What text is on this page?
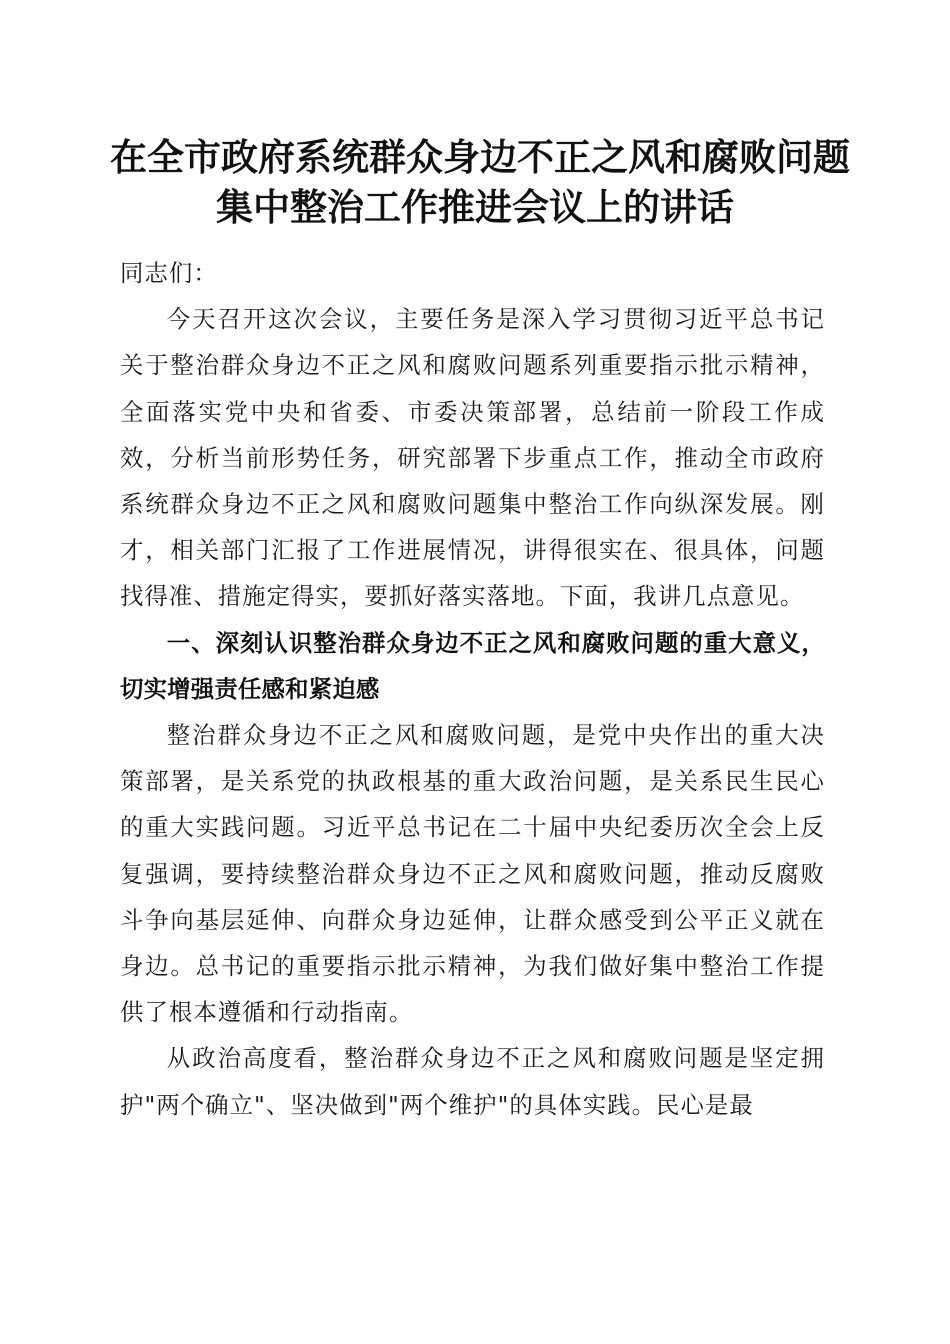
在全市政府系统群众身边不正之风和腐败问题
集中整治工作推进会议上的讲话

同志们：

今天召开这次会议，主要任务是深入学习贯彻习近平总书记关于整治群众身边不正之风和腐败问题系列重要指示批示精神，全面落实党中央和省委、市委决策部署，总结前一阶段工作成效，分析当前形势任务，研究部署下步重点工作，推动全市政府系统群众身边不正之风和腐败问题集中整治工作向纵深发展。刚才，相关部门汇报了工作进展情况，讲得很实在、很具体，问题找得准、措施定得实，要抓好落实落地。下面，我讲几点意见。

一、深刻认识整治群众身边不正之风和腐败问题的重大意义，切实增强责任感和紧迫感

整治群众身边不正之风和腐败问题，是党中央作出的重大决策部署，是关系党的执政根基的重大政治问题，是关系民生民心的重大实践问题。习近平总书记在二十届中央纪委历次全会上反复强调，要持续整治群众身边不正之风和腐败问题，推动反腐败斗争向基层延伸、向群众身边延伸，让群众感受到公平正义就在身边。总书记的重要指示批示精神，为我们做好集中整治工作提供了根本遵循和行动指南。

从政治高度看，整治群众身边不正之风和腐败问题是坚定拥护"两个确立"、坚决做到"两个维护"的具体实践。民心是最
